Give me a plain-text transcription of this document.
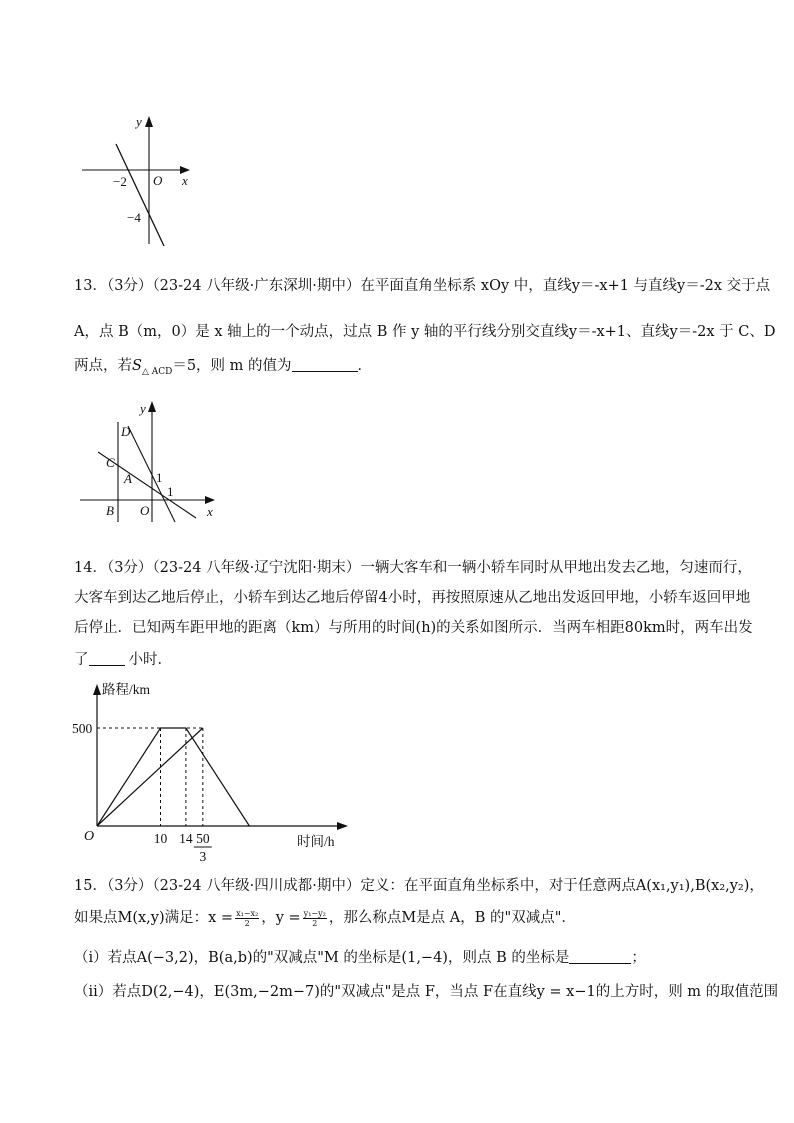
y
x
O
−2
−4
13．（3分）（23-24 八年级·广东深圳·期中）在平面直角坐标系 xOy 中，直线y＝-x+1 与直线y＝-2x 交于点
A，点 B（m，0）是 x 轴上的一个动点，过点 B 作 y 轴的平行线分别交直线y＝-x+1、直线y＝-2x 于 C、D
两点，若$S_{\triangle ACD}=5$，则 m 的值为	．
y
x
O
D
C
A
B
1
1
14．（3分）（23-24 八年级·辽宁沈阳·期末）一辆大客车和一辆小轿车同时从甲地出发去乙地，匀速而行，
大客车到达乙地后停止，小轿车到达乙地后停留4小时，再按照原速从乙地出发返回甲地，小轿车返回甲地
后停止．已知两车距甲地的距离（km）与所用的时间(h)的关系如图所示．当两车相距80km时，两车出发
了	小时．
路程/km
时间/h
O
500
10 14 50
3
15．（3分）（23-24 八年级·四川成都·期中）定义：在平面直角坐标系中，对于任意两点A(x₁,y₁),B(x₂,y₂)，
如果点M(x,y)满足：$x = \frac{\text{x₁−x₂}}{2}$ ，$y = \frac{\text{y₁−y₂}}{2}$ ，那么称点M是点 A，B 的"双减点"．
（i）若点A(−3,2)，B(a,b)的"双减点"M 的坐标是(1,−4)，则点 B 的坐标是	；
（ii）若点D(2,−4)，E(3m,−2m−7)的"双减点"是点 F，当点 F在直线y = x−1的上方时，则 m 的取值范围
